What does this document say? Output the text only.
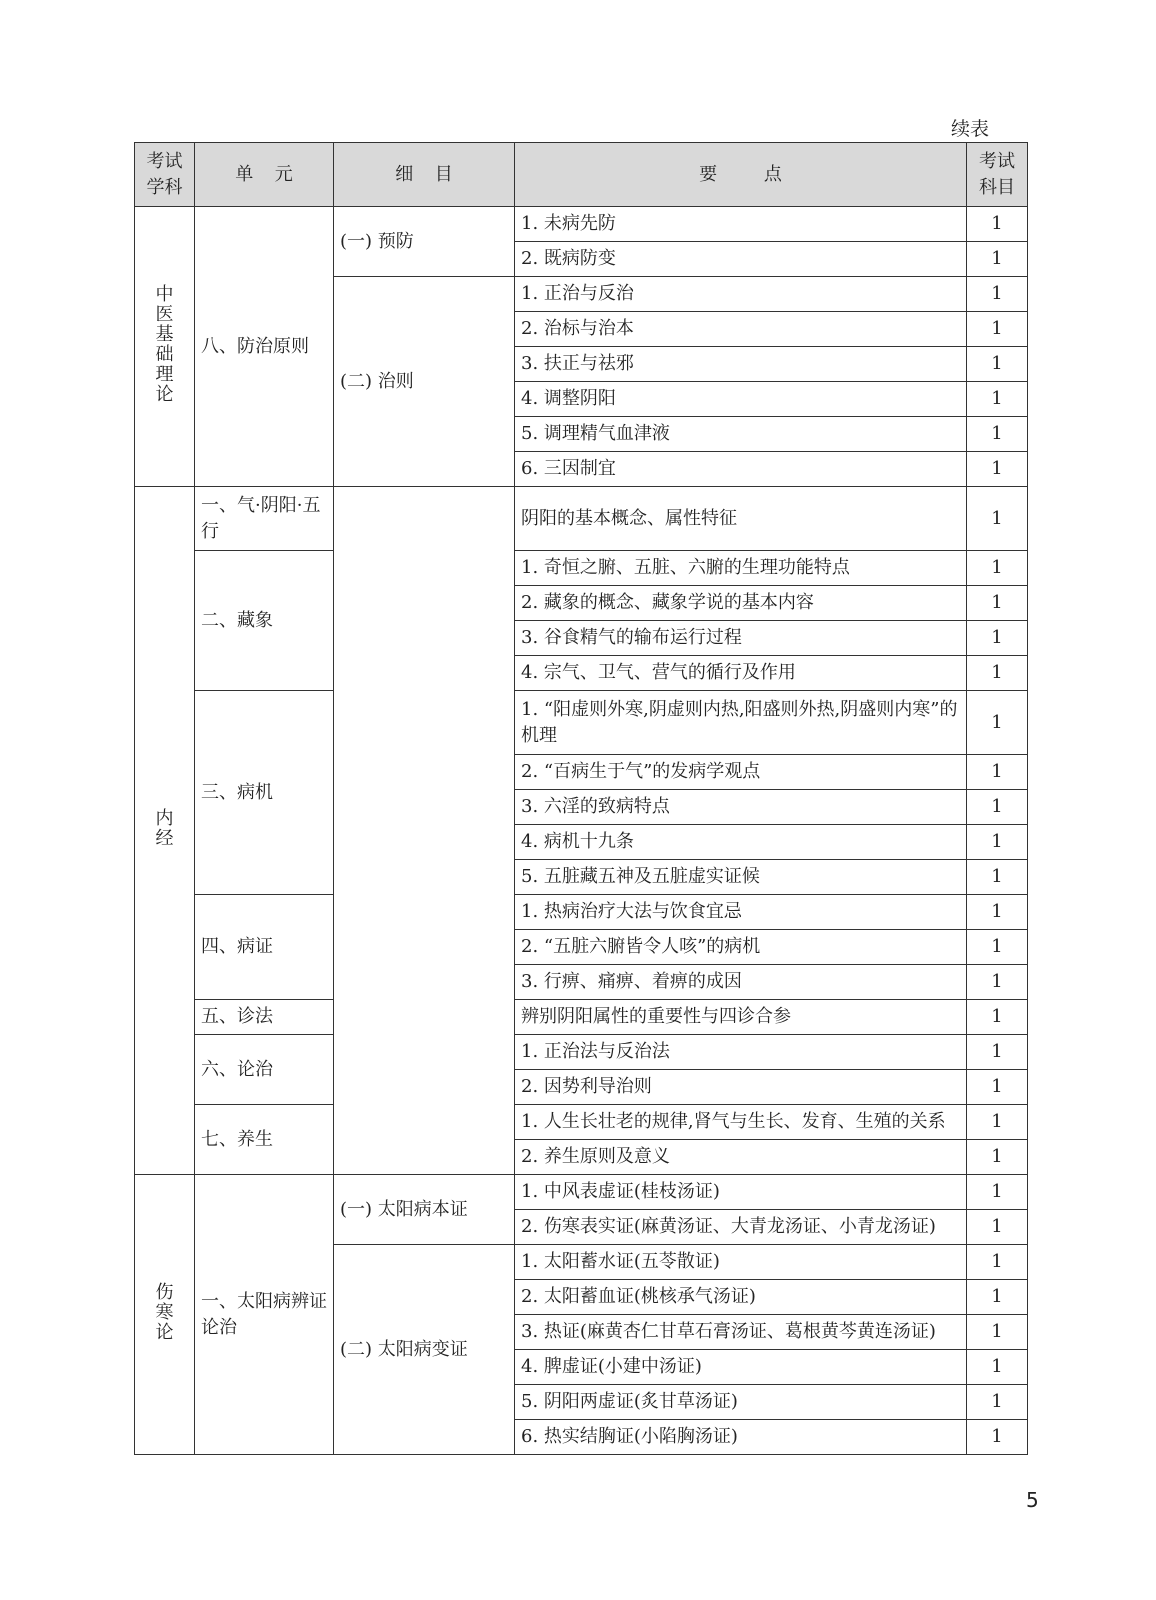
续表
考试学科	单元	细目	要点	考试科目
中医基础理论	八、防治原则	(一) 预防	1. 未病先防	1
			2. 既病防变	1
		(二) 治则	1. 正治与反治	1
			2. 治标与治本	1
			3. 扶正与祛邪	1
			4. 调整阴阳	1
			5. 调理精气血津液	1
			6. 三因制宜	1
内经	一、气·阴阳·五行		阴阳的基本概念、属性特征	1
	二、藏象		1. 奇恒之腑、五脏、六腑的生理功能特点	1
			2. 藏象的概念、藏象学说的基本内容	1
			3. 谷食精气的输布运行过程	1
			4. 宗气、卫气、营气的循行及作用	1
	三、病机		1. “阳虚则外寒,阴虚则内热,阳盛则外热,阴盛则内寒”的机理	1
			2. “百病生于气”的发病学观点	1
			3. 六淫的致病特点	1
			4. 病机十九条	1
			5. 五脏藏五神及五脏虚实证候	1
	四、病证		1. 热病治疗大法与饮食宜忌	1
			2. “五脏六腑皆令人咳”的病机	1
			3. 行痹、痛痹、着痹的成因	1
	五、诊法		辨别阴阳属性的重要性与四诊合参	1
	六、论治		1. 正治法与反治法	1
			2. 因势利导治则	1
	七、养生		1. 人生长壮老的规律,肾气与生长、发育、生殖的关系	1
			2. 养生原则及意义	1
伤寒论	一、太阳病辨证论治	(一) 太阳病本证	1. 中风表虚证(桂枝汤证)	1
			2. 伤寒表实证(麻黄汤证、大青龙汤证、小青龙汤证)	1
		(二) 太阳病变证	1. 太阳蓄水证(五苓散证)	1
			2. 太阳蓄血证(桃核承气汤证)	1
			3. 热证(麻黄杏仁甘草石膏汤证、葛根黄芩黄连汤证)	1
			4. 脾虚证(小建中汤证)	1
			5. 阴阳两虚证(炙甘草汤证)	1
			6. 热实结胸证(小陷胸汤证)	1
5
